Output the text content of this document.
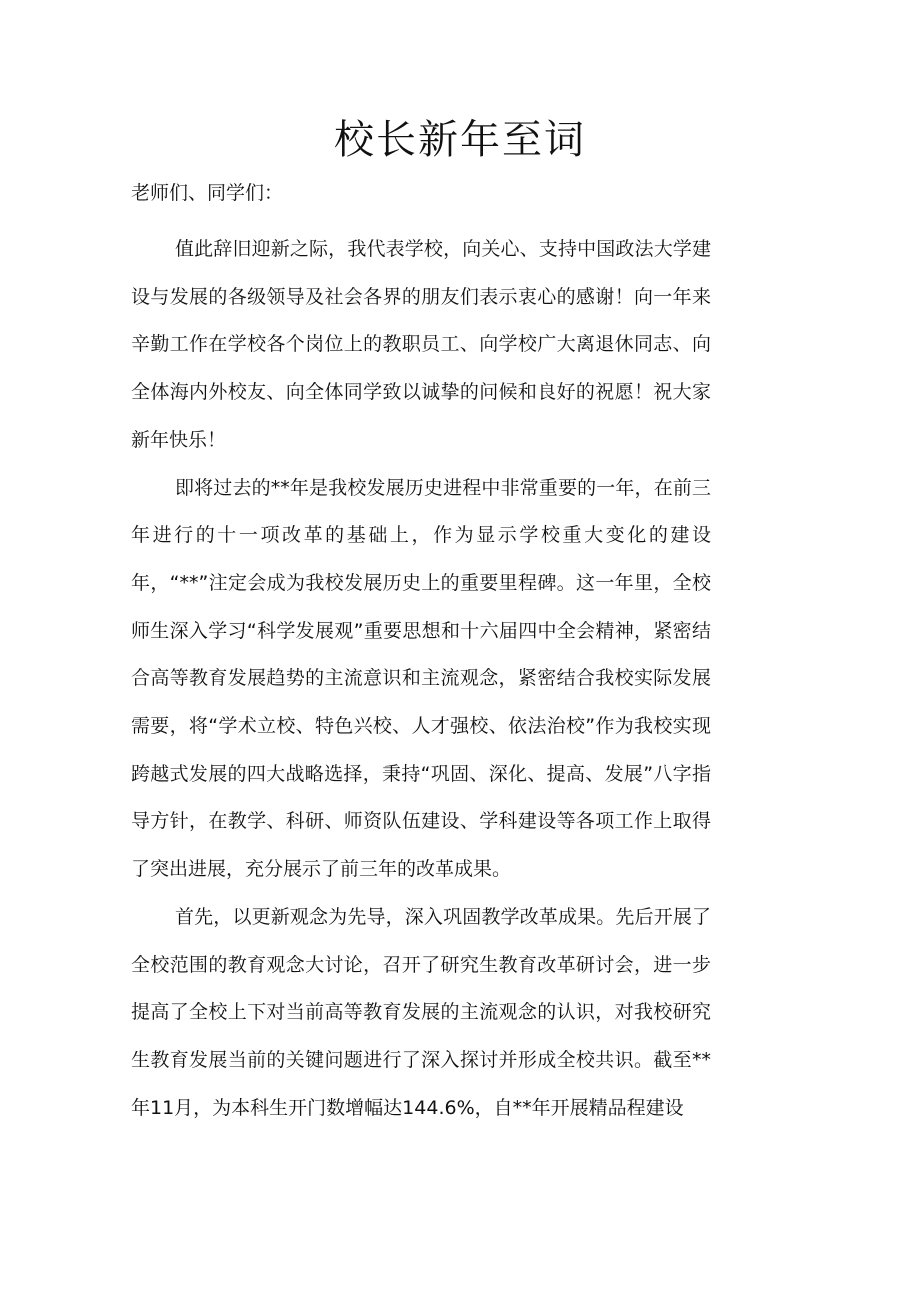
校长新年至词

老师们、同学们：

值此辞旧迎新之际，我代表学校，向关心、支持中国政法大学建设与发展的各级领导及社会各界的朋友们表示衷心的感谢！向一年来辛勤工作在学校各个岗位上的教职员工、向学校广大离退休同志、向全体海内外校友、向全体同学致以诚挚的问候和良好的祝愿！祝大家新年快乐！

即将过去的**年是我校发展历史进程中非常重要的一年，在前三年进行的十一项改革的基础上，作为显示学校重大变化的建设年，“**”注定会成为我校发展历史上的重要里程碑。这一年里，全校师生深入学习“科学发展观”重要思想和十六届四中全会精神，紧密结合高等教育发展趋势的主流意识和主流观念，紧密结合我校实际发展需要，将“学术立校、特色兴校、人才强校、依法治校”作为我校实现跨越式发展的四大战略选择，秉持“巩固、深化、提高、发展”八字指导方针，在教学、科研、师资队伍建设、学科建设等各项工作上取得了突出进展，充分展示了前三年的改革成果。

首先，以更新观念为先导，深入巩固教学改革成果。先后开展了全校范围的教育观念大讨论，召开了研究生教育改革研讨会，进一步提高了全校上下对当前高等教育发展的主流观念的认识，对我校研究生教育发展当前的关键问题进行了深入探讨并形成全校共识。截至**年11月，为本科生开门数增幅达144.6%，自**年开展精品程建设
